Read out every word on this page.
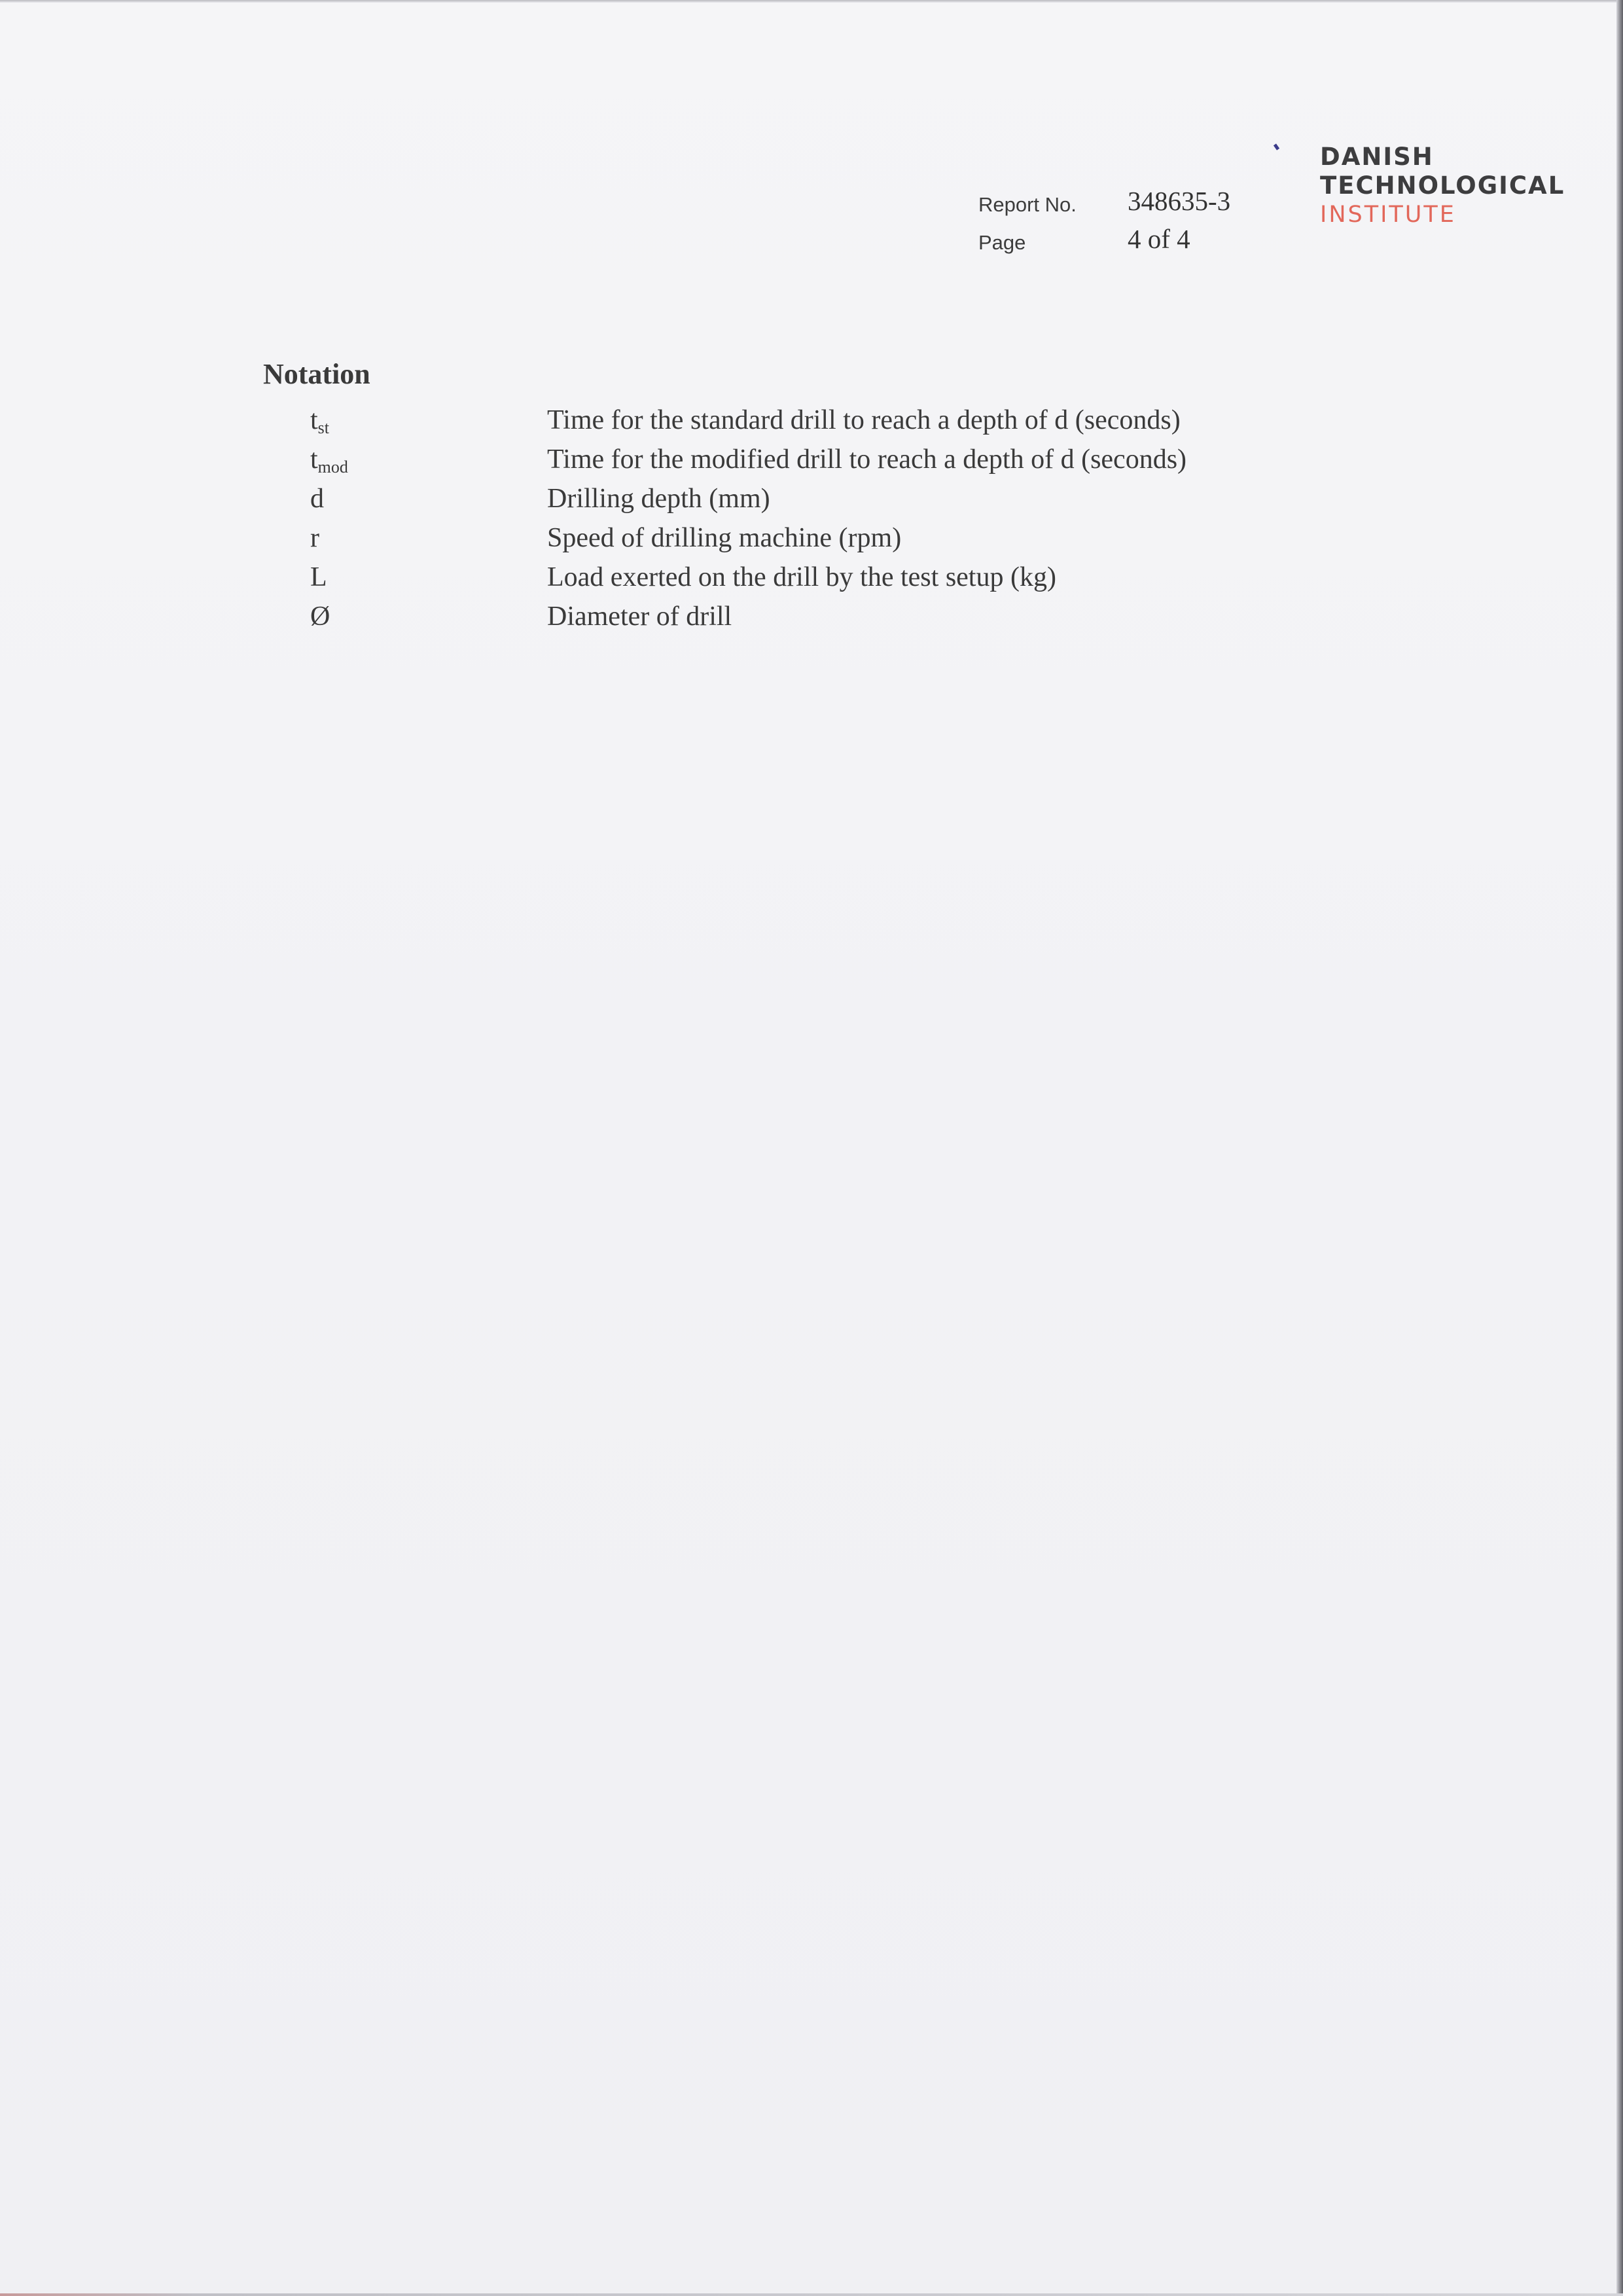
Report No. 348635-3
Page	4 of 4
DANISH
TECHNOLOGICAL
INSTITUTE
Notation
$t_{st}$	Time for the standard drill to reach a depth of d (seconds)
$t_{mod}$	Time for the modified drill to reach a depth of d (seconds)
d	Drilling depth (mm)
r	Speed of drilling machine (rpm)
L	Load exerted on the drill by the test setup (kg)
Ø	Diameter of drill
